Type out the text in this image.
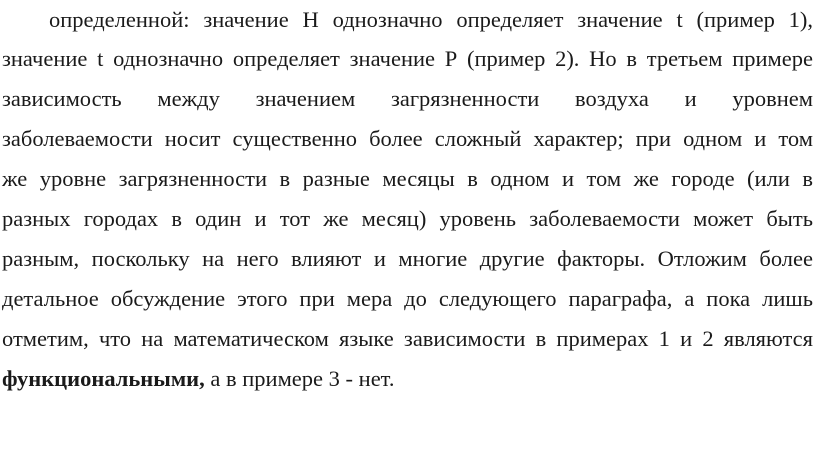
определенной: значение Н однозначно определяет значение t (пример 1),
значение t однозначно определяет значение Р (пример 2). Но в третьем примере
зависимость между значением загрязненности воздуха и уровнем
заболеваемости носит существенно более сложный характер; при одном и том
же уровне загрязненности в разные месяцы в одном и том же городе (или в
разных городах в один и тот же месяц) уровень заболеваемости может быть
разным, поскольку на него влияют и многие другие факторы. Отложим более
детальное обсуждение этого при мера до следующего параграфа, а пока лишь
отметим, что на математическом языке зависимости в примерах 1 и 2 являются
функциональными, а в примере 3 - нет.
